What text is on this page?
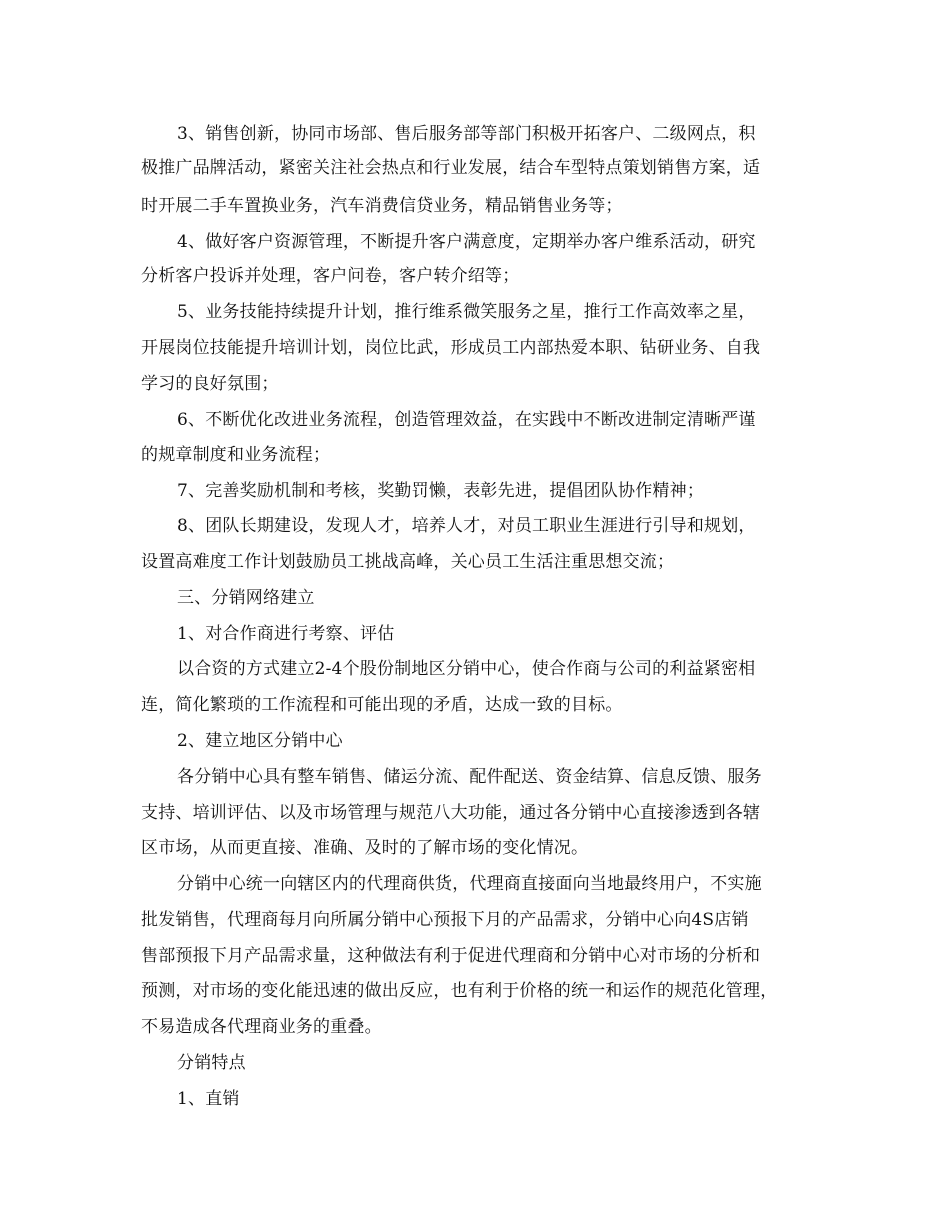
3、销售创新，协同市场部、售后服务部等部门积极开拓客户、二级网点，积
极推广品牌活动，紧密关注社会热点和行业发展，结合车型特点策划销售方案，适
时开展二手车置换业务，汽车消费信贷业务，精品销售业务等；
4、做好客户资源管理，不断提升客户满意度，定期举办客户维系活动，研究
分析客户投诉并处理，客户问卷，客户转介绍等；
5、业务技能持续提升计划，推行维系微笑服务之星，推行工作高效率之星，
开展岗位技能提升培训计划，岗位比武，形成员工内部热爱本职、钻研业务、自我
学习的良好氛围；
6、不断优化改进业务流程，创造管理效益，在实践中不断改进制定清晰严谨
的规章制度和业务流程；
7、完善奖励机制和考核，奖勤罚懒，表彰先进，提倡团队协作精神；
8、团队长期建设，发现人才，培养人才，对员工职业生涯进行引导和规划，
设置高难度工作计划鼓励员工挑战高峰，关心员工生活注重思想交流；
三、分销网络建立
1、对合作商进行考察、评估
以合资的方式建立2-4个股份制地区分销中心，使合作商与公司的利益紧密相
连，简化繁琐的工作流程和可能出现的矛盾，达成一致的目标。
2、建立地区分销中心
各分销中心具有整车销售、储运分流、配件配送、资金结算、信息反馈、服务
支持、培训评估、以及市场管理与规范八大功能，通过各分销中心直接渗透到各辖
区市场，从而更直接、准确、及时的了解市场的变化情况。
分销中心统一向辖区内的代理商供货，代理商直接面向当地最终用户，不实施
批发销售，代理商每月向所属分销中心预报下月的产品需求，分销中心向4S店销
售部预报下月产品需求量，这种做法有利于促进代理商和分销中心对市场的分析和
预测，对市场的变化能迅速的做出反应，也有利于价格的统一和运作的规范化管理，
不易造成各代理商业务的重叠。
分销特点
1、直销
